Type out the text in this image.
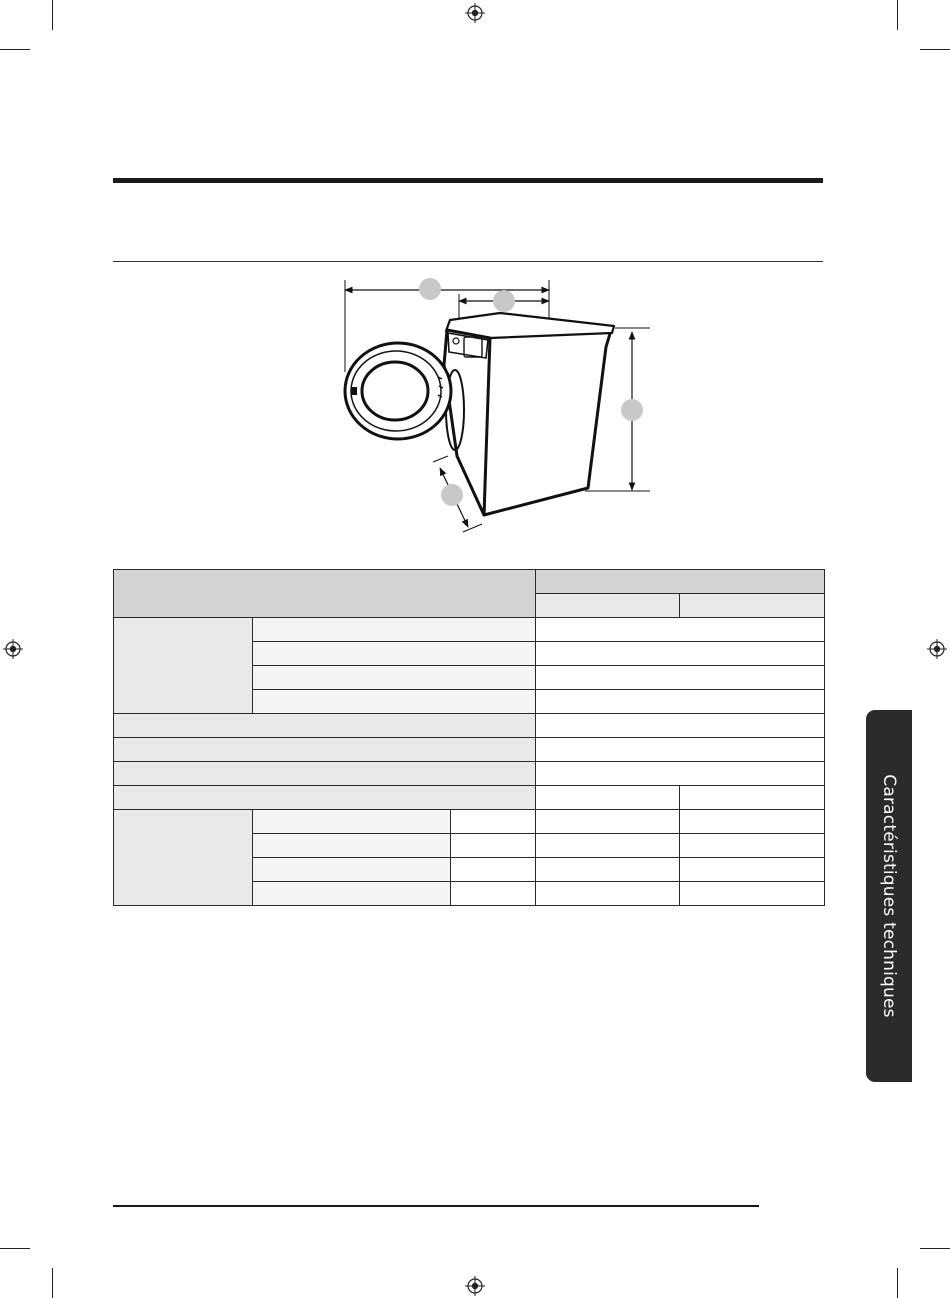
Caractéristiques techniques
